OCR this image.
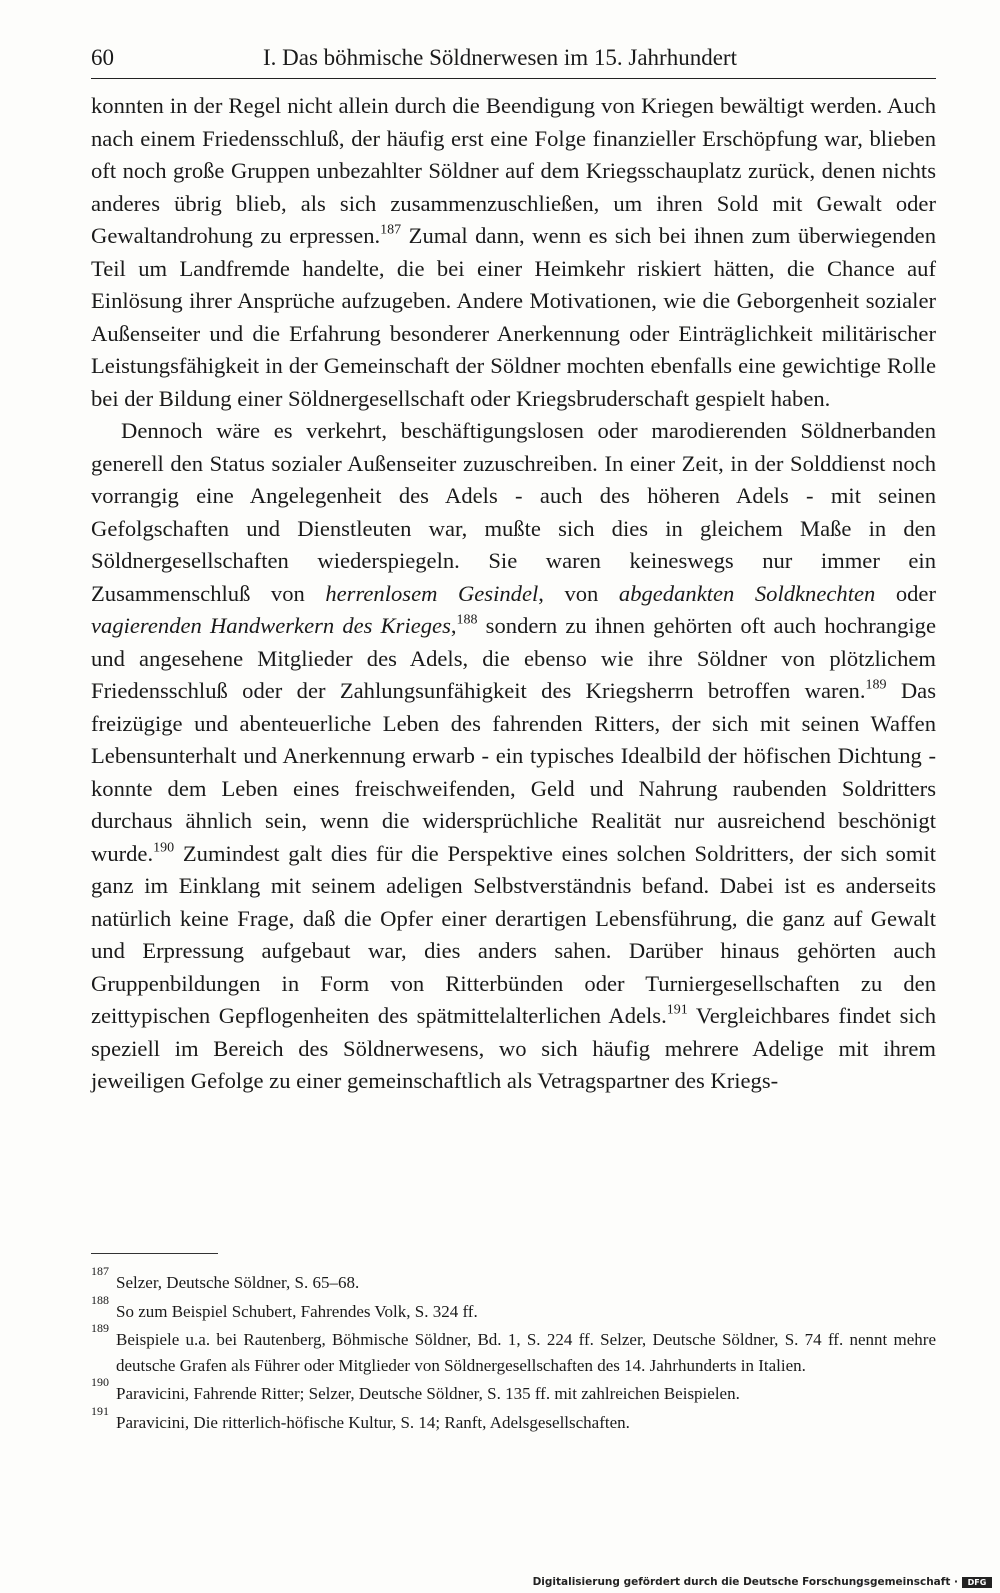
60	I. Das böhmische Söldnerwesen im 15. Jahrhundert

konnten in der Regel nicht allein durch die Beendigung von Kriegen bewältigt werden. Auch nach einem Friedensschluß, der häufig erst eine Folge finanzieller Erschöpfung war, blieben oft noch große Gruppen unbezahlter Söldner auf dem Kriegsschauplatz zurück, denen nichts anderes übrig blieb, als sich zusammenzuschließen, um ihren Sold mit Gewalt oder Gewaltandrohung zu erpressen.$^{187}$ Zumal dann, wenn es sich bei ihnen zum überwiegenden Teil um Landfremde handelte, die bei einer Heimkehr riskiert hätten, die Chance auf Einlösung ihrer Ansprüche aufzugeben. Andere Motivationen, wie die Geborgenheit sozialer Außenseiter und die Erfahrung besonderer Anerkennung oder Einträglichkeit militärischer Leistungsfähigkeit in der Gemeinschaft der Söldner mochten ebenfalls eine gewichtige Rolle bei der Bildung einer Söldnergesellschaft oder Kriegsbruderschaft gespielt haben.

Dennoch wäre es verkehrt, beschäftigungslosen oder marodierenden Söldnerbanden generell den Status sozialer Außenseiter zuzuschreiben. In einer Zeit, in der Solddienst noch vorrangig eine Angelegenheit des Adels - auch des höheren Adels - mit seinen Gefolgschaften und Dienstleuten war, mußte sich dies in gleichem Maße in den Söldnergesellschaften wiederspiegeln. Sie waren keineswegs nur immer ein Zusammenschluß von herrenlosem Gesindel, von abgedankten Soldknechten oder vagierenden Handwerkern des Krieges,$^{188}$ sondern zu ihnen gehörten oft auch hochrangige und angesehene Mitglieder des Adels, die ebenso wie ihre Söldner von plötzlichem Friedensschluß oder der Zahlungsunfähigkeit des Kriegsherrn betroffen waren.$^{189}$ Das freizügige und abenteuerliche Leben des fahrenden Ritters, der sich mit seinen Waffen Lebensunterhalt und Anerkennung erwarb - ein typisches Idealbild der höfischen Dichtung - konnte dem Leben eines freischweifenden, Geld und Nahrung raubenden Soldritters durchaus ähnlich sein, wenn die widersprüchliche Realität nur ausreichend beschönigt wurde.$^{190}$ Zumindest galt dies für die Perspektive eines solchen Soldritters, der sich somit ganz im Einklang mit seinem adeligen Selbstverständnis befand. Dabei ist es anderseits natürlich keine Frage, daß die Opfer einer derartigen Lebensführung, die ganz auf Gewalt und Erpressung aufgebaut war, dies anders sahen. Darüber hinaus gehörten auch Gruppenbildungen in Form von Ritterbünden oder Turniergesellschaften zu den zeittypischen Gepflogenheiten des spätmittelalterlichen Adels.$^{191}$ Vergleichbares findet sich speziell im Bereich des Söldnerwesens, wo sich häufig mehrere Adelige mit ihrem jeweiligen Gefolge zu einer gemeinschaftlich als Vetragspartner des Kriegs-

187
Selzer, Deutsche Söldner, S. 65–68.
188
So zum Beispiel Schubert, Fahrendes Volk, S. 324 ff.
189
Beispiele u.a. bei Rautenberg, Böhmische Söldner, Bd. 1, S. 224 ff. Selzer, Deutsche Söldner, S. 74 ff. nennt mehre deutsche Grafen als Führer oder Mitglieder von Söldnergesellschaften des 14. Jahrhunderts in Italien.
190
Paravicini, Fahrende Ritter; Selzer, Deutsche Söldner, S. 135 ff. mit zahlreichen Beispielen.
191
Paravicini, Die ritterlich-höfische Kultur, S. 14; Ranft, Adelsgesellschaften.
Digitalisierung gefördert durch die Deutsche Forschungsgemeinschaft ·	DFG
